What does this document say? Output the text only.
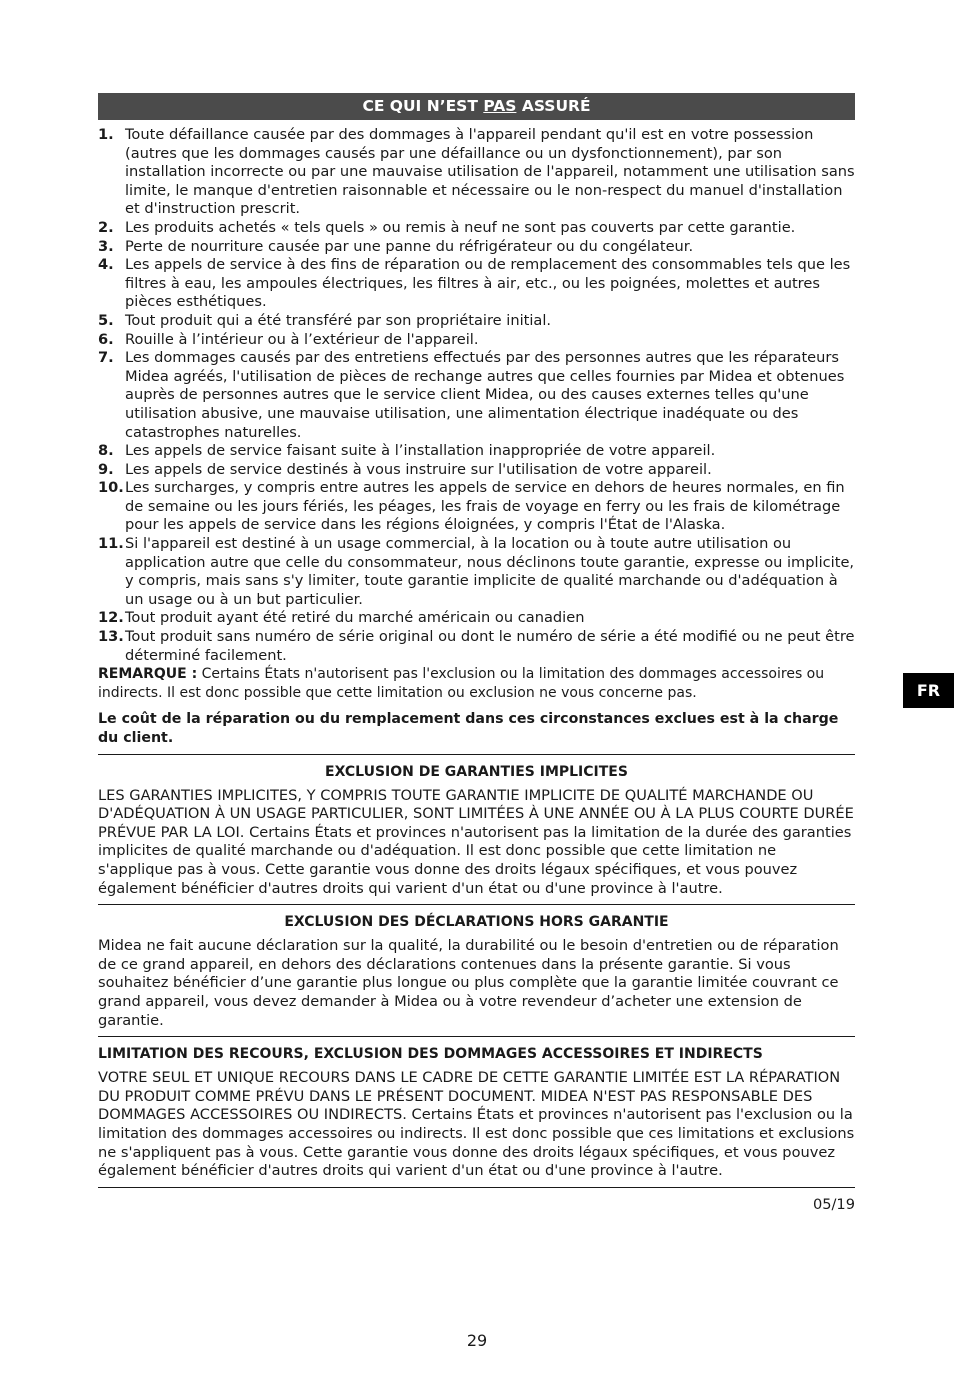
CE QUI N’EST PAS ASSURÉ
1. Toute défaillance causée par des dommages à l'appareil pendant qu'il est en votre possession (autres que les dommages causés par une défaillance ou un dysfonctionnement), par son installation incorrecte ou par une mauvaise utilisation de l'appareil, notamment une utilisation sans limite, le manque d'entretien raisonnable et nécessaire ou le non-respect du manuel d'installation et d'instruction prescrit.
2. Les produits achetés « tels quels » ou remis à neuf ne sont pas couverts par cette garantie.
3. Perte de nourriture causée par une panne du réfrigérateur ou du congélateur.
4. Les appels de service à des fins de réparation ou de remplacement des consommables tels que les filtres à eau, les ampoules électriques, les filtres à air, etc., ou les poignées, molettes et autres pièces esthétiques.
5. Tout produit qui a été transféré par son propriétaire initial.
6. Rouille à l’intérieur ou à l’extérieur de l'appareil.
7. Les dommages causés par des entretiens effectués par des personnes autres que les réparateurs Midea agréés, l'utilisation de pièces de rechange autres que celles fournies par Midea et obtenues auprès de personnes autres que le service client Midea, ou des causes externes telles qu'une utilisation abusive, une mauvaise utilisation, une alimentation électrique inadéquate ou des catastrophes naturelles.
8. Les appels de service faisant suite à l’installation inappropriée de votre appareil.
9. Les appels de service destinés à vous instruire sur l'utilisation de votre appareil.
10. Les surcharges, y compris entre autres les appels de service en dehors de heures normales, en fin de semaine ou les jours fériés, les péages, les frais de voyage en ferry ou les frais de kilométrage pour les appels de service dans les régions éloignées, y compris l'État de l'Alaska.
11. Si l'appareil est destiné à un usage commercial, à la location ou à toute autre utilisation ou application autre que celle du consommateur, nous déclinons toute garantie, expresse ou implicite, y compris, mais sans s'y limiter, toute garantie implicite de qualité marchande ou d'adéquation à un usage ou à un but particulier.
12. Tout produit ayant été retiré du marché américain ou canadien
13. Tout produit sans numéro de série original ou dont le numéro de série a été modifié ou ne peut être déterminé facilement.

REMARQUE : Certains États n'autorisent pas l'exclusion ou la limitation des dommages accessoires ou indirects. Il est donc possible que cette limitation ou exclusion ne vous concerne pas.

Le coût de la réparation ou du remplacement dans ces circonstances exclues est à la charge du client.

EXCLUSION DE GARANTIES IMPLICITES

LES GARANTIES IMPLICITES, Y COMPRIS TOUTE GARANTIE IMPLICITE DE QUALITÉ MARCHANDE OU D'ADÉQUATION À UN USAGE PARTICULIER, SONT LIMITÉES À UNE ANNÉE OU À LA PLUS COURTE DURÉE PRÉVUE PAR LA LOI. Certains États et provinces n'autorisent pas la limitation de la durée des garanties implicites de qualité marchande ou d'adéquation. Il est donc possible que cette limitation ne s'applique pas à vous. Cette garantie vous donne des droits légaux spécifiques, et vous pouvez également bénéficier d'autres droits qui varient d'un état ou d'une province à l'autre.

EXCLUSION DES DÉCLARATIONS HORS GARANTIE

Midea ne fait aucune déclaration sur la qualité, la durabilité ou le besoin d'entretien ou de réparation de ce grand appareil, en dehors des déclarations contenues dans la présente garantie. Si vous souhaitez bénéficier d’une garantie plus longue ou plus complète que la garantie limitée couvrant ce grand appareil, vous devez demander à Midea ou à votre revendeur d’acheter une extension de garantie.

LIMITATION DES RECOURS, EXCLUSION DES DOMMAGES ACCESSOIRES ET INDIRECTS

VOTRE SEUL ET UNIQUE RECOURS DANS LE CADRE DE CETTE GARANTIE LIMITÉE EST LA RÉPARATION DU PRODUIT COMME PRÉVU DANS LE PRÉSENT DOCUMENT. MIDEA N'EST PAS RESPONSABLE DES DOMMAGES ACCESSOIRES OU INDIRECTS. Certains États et provinces n'autorisent pas l'exclusion ou la limitation des dommages accessoires ou indirects. Il est donc possible que ces limitations et exclusions ne s'appliquent pas à vous. Cette garantie vous donne des droits légaux spécifiques, et vous pouvez également bénéficier d'autres droits qui varient d'un état ou d'une province à l'autre.

05/19
FR
29
